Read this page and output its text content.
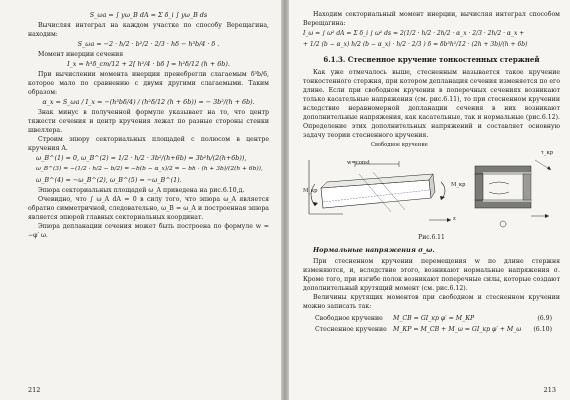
S_ωа = ∫ yω_B dA = Σ δ_i ∫ yω_B ds

Вычисляя интеграл на каждом участке по способу Верещагина, находим:

S_ωа = −2 · h/2 · b²/2 · 2/3 · hδ − h³b/4 · δ .

Момент инерции сечения

I_x = h³δ_ст/12 + 2[ h²/4 · bδ ] = h²δ/12 (h + 6b).

При вычислении момента инерции пренебрегли слагаемым δ³b/6, которое мало по сравнению с двумя другими слагаемыми. Таким образом:

α_x = S_ωа / I_x = −(h³bδ/4) / (h²δ/12 (h + 6b)) = − 3b²/(h + 6b).

Знак минус в полученной формуле указывает на то, что центр тяжести сечения и центр кручения лежат по разные стороны стенки швеллера.

Строим эпюру секториальных площадей с полюсом в центре кручения A.

ω_B^(1) = 0, ω_B^(2) = 1/2 · h/2 · 3b²/(h+6b) = 3b²h/(2(h+6b)),

ω_B^(3) = −(1/2 · h/2 − b/2) = −b(b − α_x)/2 = − bh · (h + 3b)/(2(h + 6b)),

ω_B^(4) = −ω_B^(2), ω_B^(5) = −ω_B^(1).

Эпюра секториальных площадей ω_A приведена на рис.6.10,д.

Очевидно, что ∫ ω_A dA = 0 в силу того, что эпюра ω_A является обратно симметричной, следовательно, ω_B = ω_A и построенная эпюра является эпюрой главных секториальных координат.

Эпюра депланации сечения может быть построена по формуле w = −φ′ ω.

212

Находим секториальный момент инерции, вычисляя интеграл способом Верещагина:

I_ω = ∫ ω² dA = Σ δ_i ∫ ω² ds = 2(1/2 · h/2 · 2h/2 · α_x · 2/3 · 2h/2 · α_x +

+ 1/2 (b − α_x) h/2 (b − α_x) · h/2 · 2/3 ) δ = δb³h²/12 · (2h + 3b)/(h + 6b)

6.1.3. Стесненное кручение тонкостенных стержней

Как уже отмечалось выше, стесненным называется такое кручение тонкостенного стержня, при котором депланация сечения изменяется по его длине. Если при свободном кручении в поперечных сечениях возникают только касательные напряжения (см. рис.6.11), то при стесненном кручении вследствие неравномерной депланации сечения в них возникают дополнительные напряжения, как касательные, так и нормальные (рис.6.12). Определение этих дополнительных напряжений и составляет основную задачу теории стесненного кручения.

Свободное кручение
w=const
M_кр
M_кр
z
τ_кр
Рис.6.11
Нормальные напряжения σ_ω.

При стесненном кручении перемещения w по длине стержня изменяются, и, вследствие этого, возникают нормальные напряжения σ. Кроме того, при изгибе полок возникают поперечные силы, которые создают дополнительный крутящий момент (см. рис.6.12).

Величины крутящих моментов при свободном и стесненном кручении можно записать так:

Свободное кручение	M_СВ = GI_кр φ′ = M_КР	(6.9)
Стесненное кручение M_КР = M_СВ + M_ω = GI_кр φ′ + M_ω	(6.10)
213
